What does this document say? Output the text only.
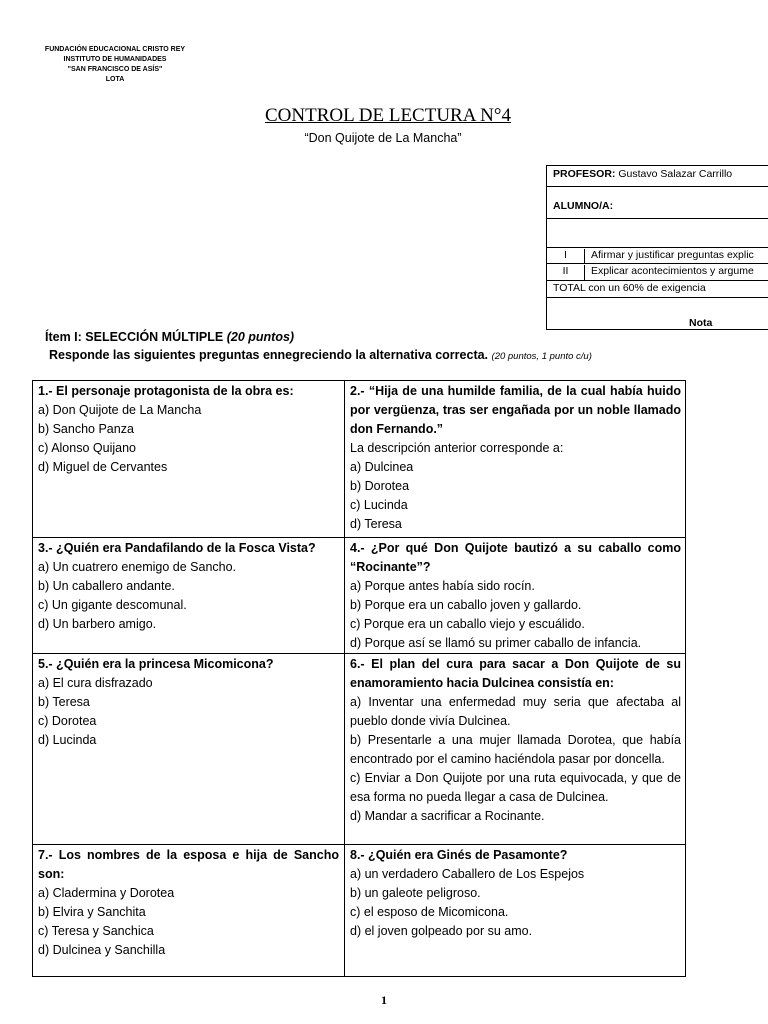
FUNDACIÓN EDUCACIONAL CRISTO REY
INSTITUTO DE HUMANIDADES
"SAN FRANCISCO DE ASÍS"
LOTA
CONTROL DE LECTURA N°4
“Don Quijote de La Mancha”
PROFESOR: Gustavo Salazar Carrillo
ALUMNO/A:
I	Afirmar y justificar preguntas explic
II	Explicar acontecimientos y argume
TOTAL con un 60% de exigencia
Nota
Ítem I: SELECCIÓN MÚLTIPLE (20 puntos)
Responde las siguientes preguntas ennegreciendo la alternativa correcta. (20 puntos, 1 punto c/u)
1.- El personaje protagonista de la obra es:
a) Don Quijote de La Mancha
b) Sancho Panza
c) Alonso Quijano
d) Miguel de Cervantes
2.- “Hija de una humilde familia, de la cual había huido por vergüenza, tras ser engañada por un noble llamado don Fernando.”
La descripción anterior corresponde a:
a) Dulcinea
b) Dorotea
c) Lucinda
d) Teresa
3.- ¿Quién era Pandafilando de la Fosca Vista?
a) Un cuatrero enemigo de Sancho.
b) Un caballero andante.
c) Un gigante descomunal.
d) Un barbero amigo.
4.- ¿Por qué Don Quijote bautizó a su caballo como “Rocinante”?
a) Porque antes había sido rocín.
b) Porque era un caballo joven y gallardo.
c) Porque era un caballo viejo y escuálido.
d) Porque así se llamó su primer caballo de infancia.
5.- ¿Quién era la princesa Micomicona?
a) El cura disfrazado
b) Teresa
c) Dorotea
d) Lucinda
6.- El plan del cura para sacar a Don Quijote de su enamoramiento hacia Dulcinea consistía en:
a) Inventar una enfermedad muy seria que afectaba al pueblo donde vivía Dulcinea.
b) Presentarle a una mujer llamada Dorotea, que había encontrado por el camino haciéndola pasar por doncella.
c) Enviar a Don Quijote por una ruta equivocada, y que de esa forma no pueda llegar a casa de Dulcinea.
d) Mandar a sacrificar a Rocinante.
7.- Los nombres de la esposa e hija de Sancho son:
a) Cladermina y Dorotea
b) Elvira y Sanchita
c) Teresa y Sanchica
d) Dulcinea y Sanchilla
8.- ¿Quién era Ginés de Pasamonte?
a) un verdadero Caballero de Los Espejos
b) un galeote peligroso.
c) el esposo de Micomicona.
d) el joven golpeado por su amo.
1
